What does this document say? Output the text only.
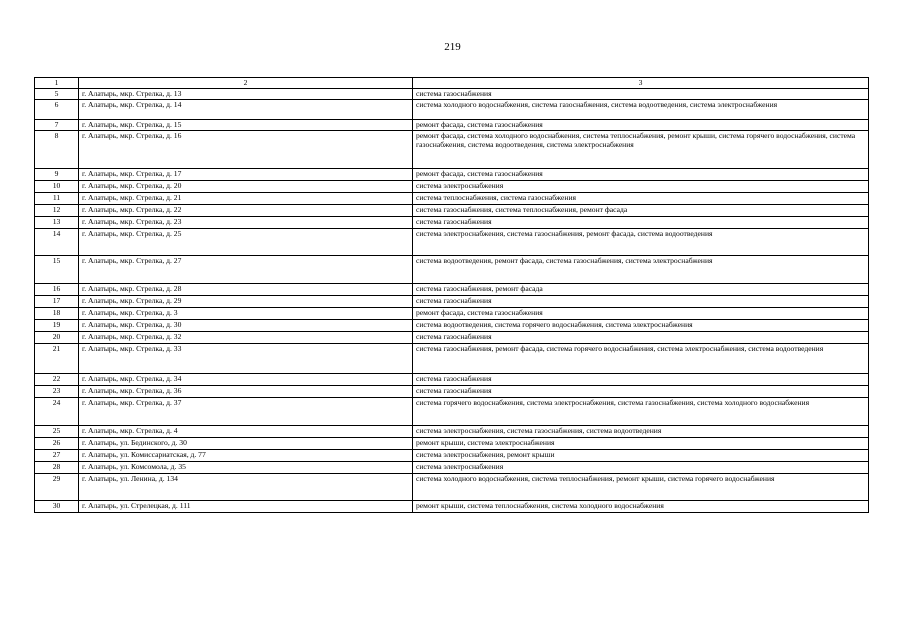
219
1	2	3
5	г. Алатырь, мкр. Стрелка, д. 13	система газоснабжения
6	г. Алатырь, мкр. Стрелка, д. 14	система холодного водоснабжения, система газоснабжения, система водоотведения, система электроснабжения
7	г. Алатырь, мкр. Стрелка, д. 15	ремонт фасада, система газоснабжения
8	г. Алатырь, мкр. Стрелка, д. 16	ремонт фасада, система холодного водоснабжения, система теплоснабжения, ремонт крыши, система горячего водоснабжения, система газоснабжения, система водоотведения, система электроснабжения
9	г. Алатырь, мкр. Стрелка, д. 17	ремонт фасада, система газоснабжения
10	г. Алатырь, мкр. Стрелка, д. 20	система электроснабжения
11	г. Алатырь, мкр. Стрелка, д. 21	система теплоснабжения, система газоснабжения
12	г. Алатырь, мкр. Стрелка, д. 22	система газоснабжения, система теплоснабжения, ремонт фасада
13	г. Алатырь, мкр. Стрелка, д. 23	система газоснабжения
14	г. Алатырь, мкр. Стрелка, д. 25	система электроснабжения, система газоснабжения, ремонт фасада, система водоотведения
15	г. Алатырь, мкр. Стрелка, д. 27	система водоотведения, ремонт фасада, система газоснабжения, система электроснабжения
16	г. Алатырь, мкр. Стрелка, д. 28	система газоснабжения, ремонт фасада
17	г. Алатырь, мкр. Стрелка, д. 29	система газоснабжения
18	г. Алатырь, мкр. Стрелка, д. 3	ремонт фасада, система газоснабжения
19	г. Алатырь, мкр. Стрелка, д. 30	система водоотведения, система горячего водоснабжения, система электроснабжения
20	г. Алатырь, мкр. Стрелка, д. 32	система газоснабжения
21	г. Алатырь, мкр. Стрелка, д. 33	система газоснабжения, ремонт фасада, система горячего водоснабжения, система электроснабжения, система водоотведения
22	г. Алатырь, мкр. Стрелка, д. 34	система газоснабжения
23	г. Алатырь, мкр. Стрелка, д. 36	система газоснабжения
24	г. Алатырь, мкр. Стрелка, д. 37	система горячего водоснабжения, система электроснабжения, система газоснабжения, система холодного водоснабжения
25	г. Алатырь, мкр. Стрелка, д. 4	система электроснабжения, система газоснабжения, система водоотведения
26	г. Алатырь, ул. Бединского, д. 30	ремонт крыши, система электроснабжения
27	г. Алатырь, ул. Комиссариатская, д. 77	система электроснабжения, ремонт крыши
28	г. Алатырь, ул. Комсомола, д. 35	система электроснабжения
29	г. Алатырь, ул. Ленина, д. 134	система холодного водоснабжения, система теплоснабжения, ремонт крыши, система горячего водоснабжения
30	г. Алатырь, ул. Стрелецкая, д. 111	ремонт крыши, система теплоснабжения, система холодного водоснабжения
